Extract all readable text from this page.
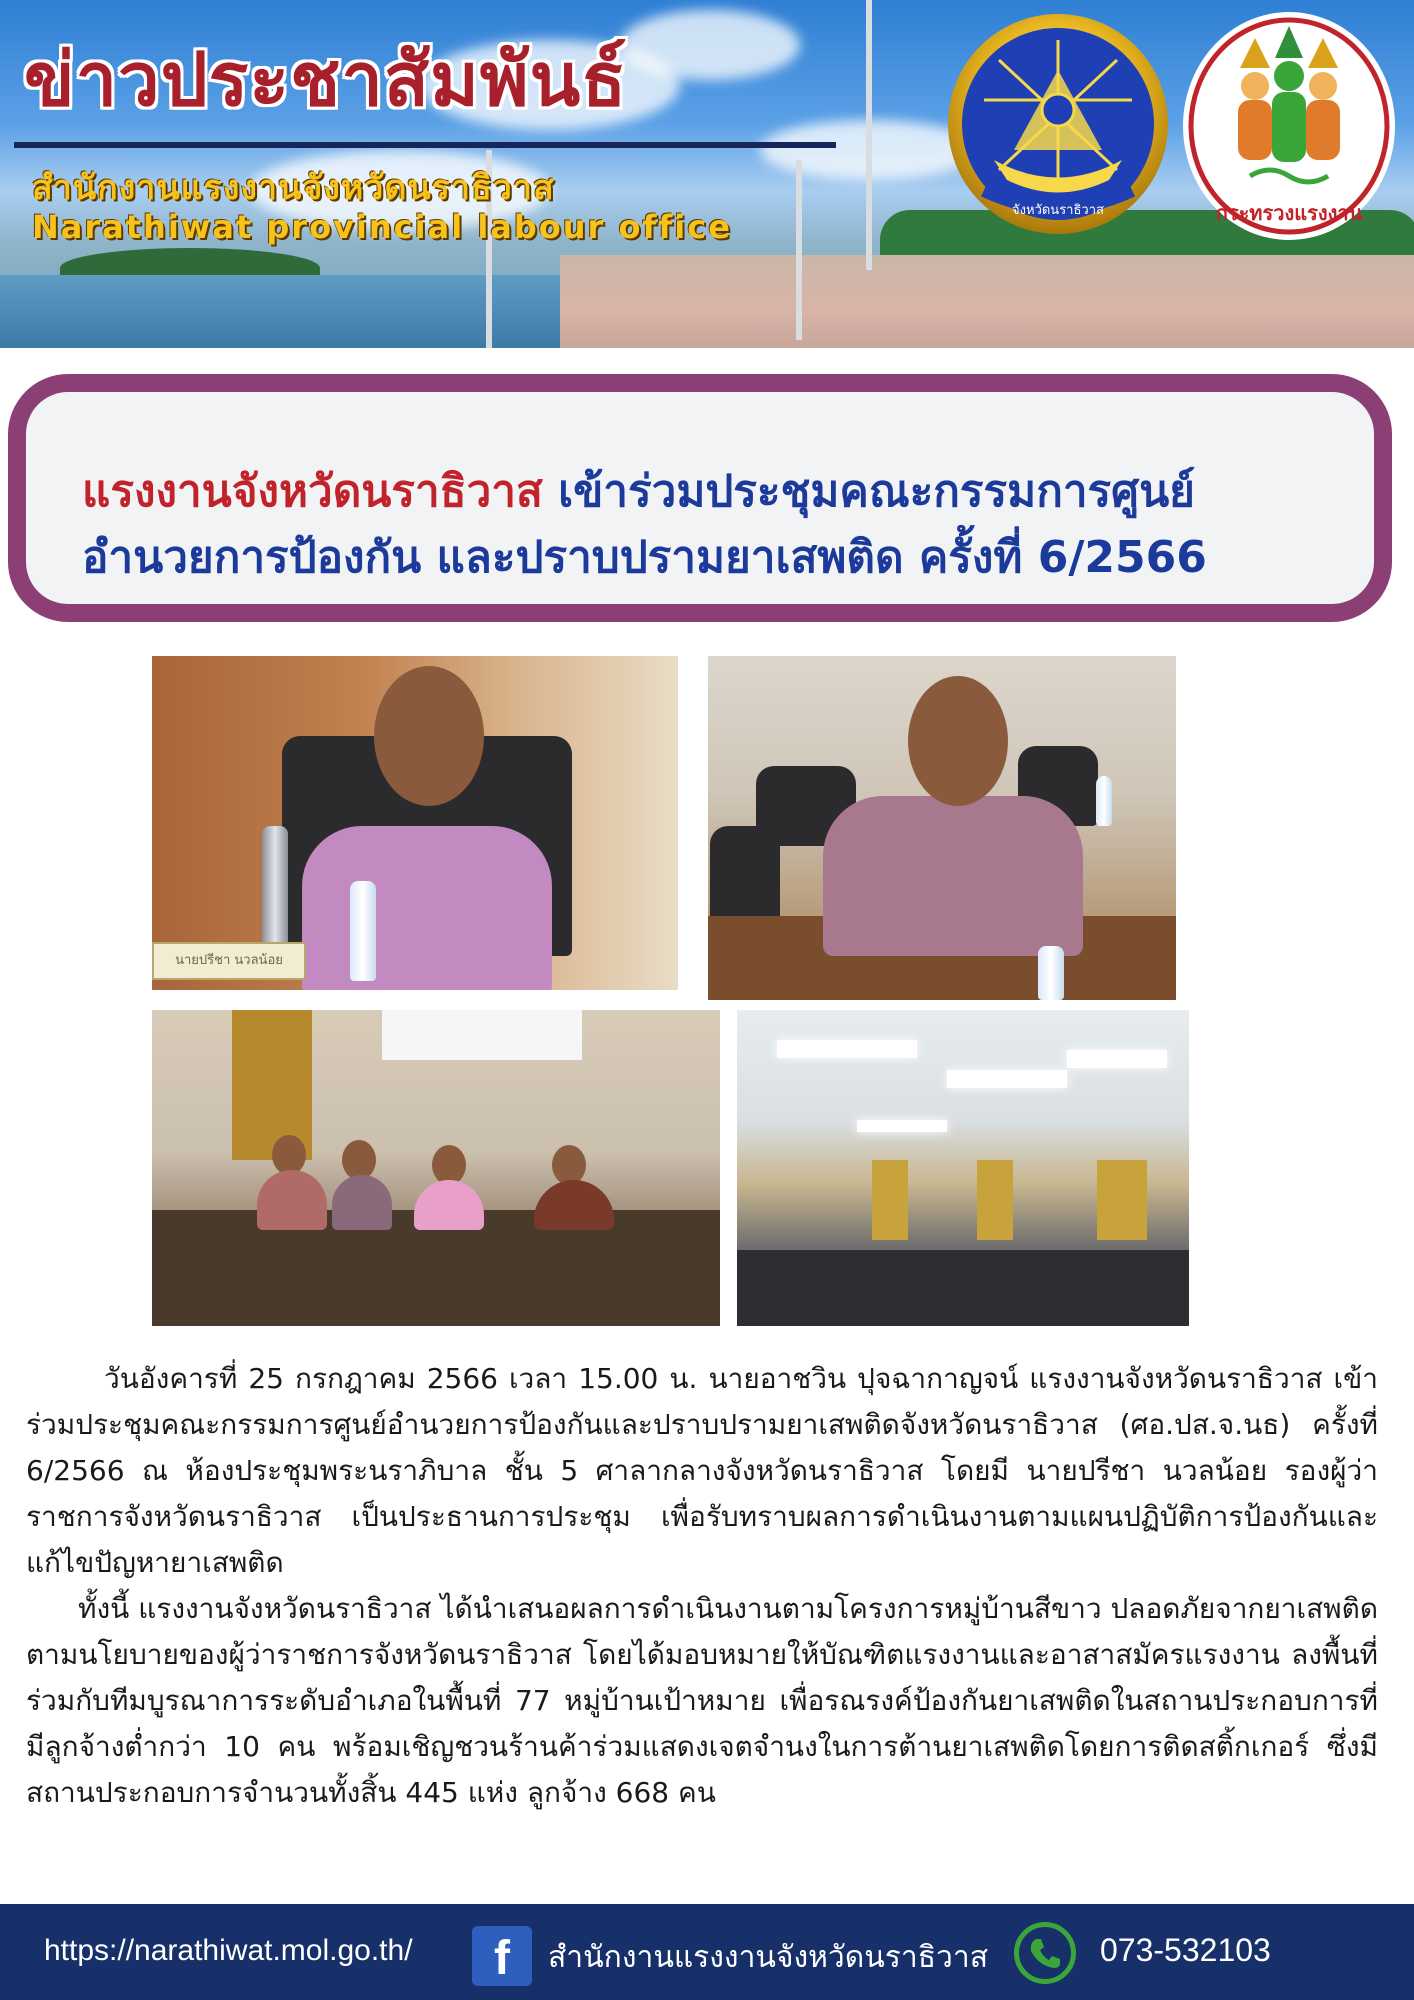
ข่าวประชาสัมพันธ์
สำนักงานแรงงานจังหวัดนราธิวาส
Narathiwat provincial labour office	จังหวัดนราธิวาส	กระทรวงแรงงาน
แรงงานจังหวัดนราธิวาส เข้าร่วมประชุมคณะกรรมการศูนย์
อำนวยการป้องกัน และปราบปรามยาเสพติด ครั้งที่ 6/2566
นายปรีชา นวลน้อย

วันอังคารที่ 25 กรกฎาคม 2566 เวลา 15.00 น. นายอาชวิน ปุจฉากาญจน์ แรงงานจังหวัดนราธิวาส เข้าร่วมประชุมคณะกรรมการศูนย์อำนวยการป้องกันและปราบปรามยาเสพติดจังหวัดนราธิวาส (ศอ.ปส.จ.นธ) ครั้งที่ 6/2566 ณ ห้องประชุมพระนราภิบาล ชั้น 5 ศาลากลางจังหวัดนราธิวาส โดยมี นายปรีชา นวลน้อย รองผู้ว่าราชการจังหวัดนราธิวาส เป็นประธานการประชุม เพื่อรับทราบผลการดำเนินงานตามแผนปฏิบัติการป้องกันและแก้ไขปัญหายาเสพติด

ทั้งนี้ แรงงานจังหวัดนราธิวาส ได้นำเสนอผลการดำเนินงานตามโครงการหมู่บ้านสีขาว ปลอดภัยจากยาเสพติด ตามนโยบายของผู้ว่าราชการจังหวัดนราธิวาส โดยได้มอบหมายให้บัณฑิตแรงงานและอาสาสมัครแรงงาน ลงพื้นที่ร่วมกับทีมบูรณาการระดับอำเภอในพื้นที่ 77 หมู่บ้านเป้าหมาย เพื่อรณรงค์ป้องกันยาเสพติดในสถานประกอบการที่มีลูกจ้างต่ำกว่า 10 คน พร้อมเชิญชวนร้านค้าร่วมแสดงเจตจำนงในการต้านยาเสพติดโดยการติดสติ้กเกอร์ ซึ่งมีสถานประกอบการจำนวนทั้งสิ้น 445 แห่ง ลูกจ้าง 668 คน

https://narathiwat.mol.go.th/	f	สำนักงานแรงงานจังหวัดนราธิวาส	073-532103
